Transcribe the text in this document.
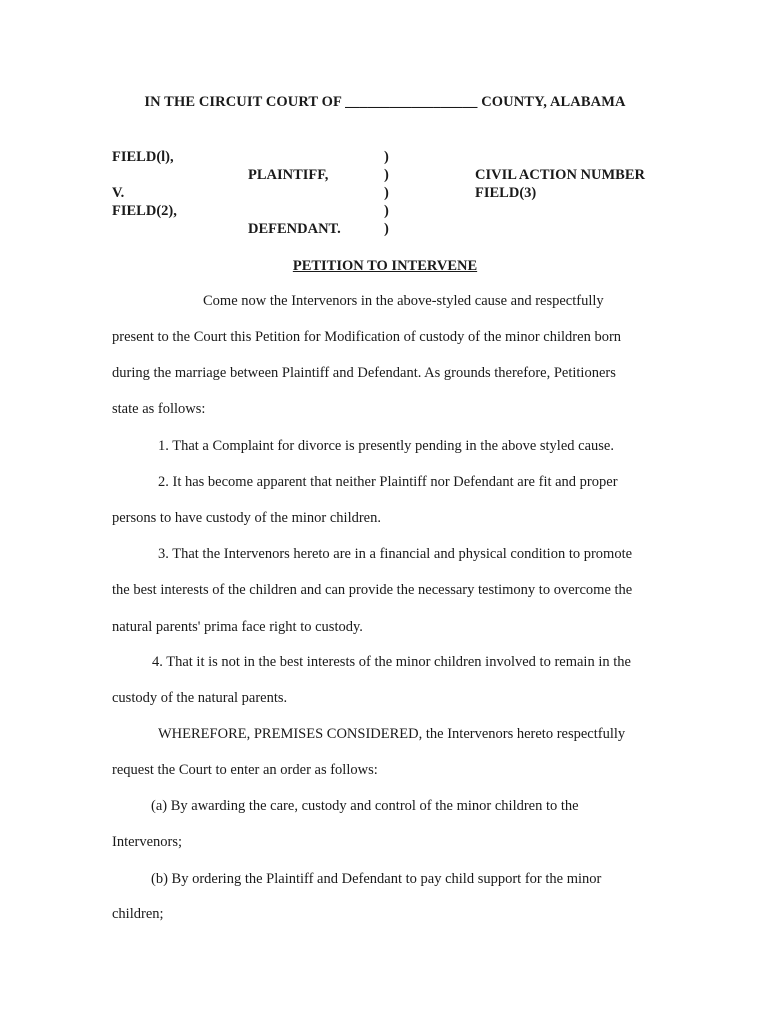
IN THE CIRCUIT COURT OF __________________ COUNTY, ALABAMA
FIELD(l),
PLAINTIFF,
V.
FIELD(2),
DEFENDANT.
)
)
)
)
)
CIVIL ACTION NUMBER
FIELD(3)
PETITION TO INTERVENE
Come now the Intervenors in the above-styled cause and respectfully
present to the Court this Petition for Modification of custody of the minor children born
during the marriage between Plaintiff and Defendant. As grounds therefore, Petitioners
state as follows:
1. That a Complaint for divorce is presently pending in the above styled cause.
2. It has become apparent that neither Plaintiff nor Defendant are fit and proper
persons to have custody of the minor children.
3. That the Intervenors hereto are in a financial and physical condition to promote
the best interests of the children and can provide the necessary testimony to overcome the
natural parents' prima face right to custody.
4. That it is not in the best interests of the minor children involved to remain in the
custody of the natural parents.
WHEREFORE, PREMISES CONSIDERED, the Intervenors hereto respectfully
request the Court to enter an order as follows:
(a) By awarding the care, custody and control of the minor children to the
Intervenors;
(b) By ordering the Plaintiff and Defendant to pay child support for the minor
children;
